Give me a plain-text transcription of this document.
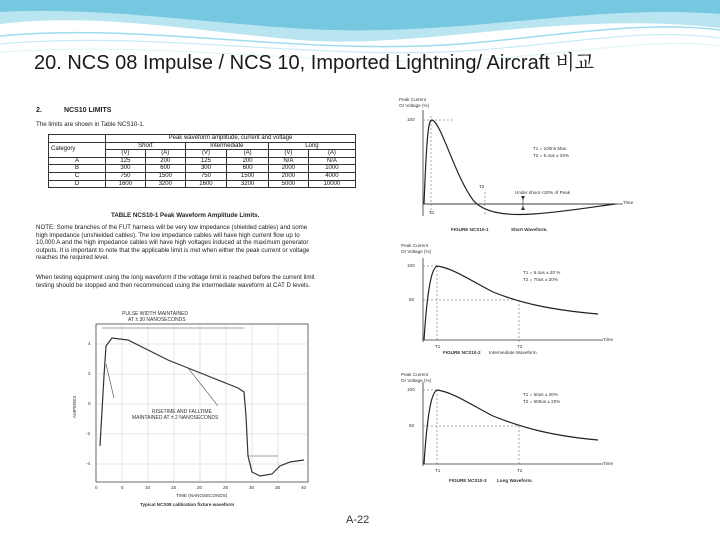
20. NCS 08 Impulse / NCS 10, Imported Lightning/ Aircraft 비교
2.	NCS10 LIMITS
The limits are shown in Table NCS10-1.
	Peak waveform amplitude, current and voltage					
Category	Short		Intermediate		Long	
	(V)	(A)	(V)	(A)	(V)	(A)
A	125	200	125	200	N/A	N/A
B	300	600	300	600	2000	1000
C	750	1500	750	1500	2000	4000
D	1600	3200	1600	3200	5000	10000
TABLE NCS10-1 Peak Waveform Amplitude Limits.
NOTE: Some branches of the FUT harness will be very low impedance (shielded cables) and some
high impedance (unshielded cables). The low impedance cables will have high current flow up to
10,000 A and the high impedance cables will have high voltages induced at the maximum generator
outputs. It is important to note that the applicable limit is met when either the peak current or voltage
reaches the required level.
When testing equipment using the long waveform if the voltage limit is reached before the current limit
testing should be stopped and then recommenced using the intermediate waveform at CAT D levels.
PULSE WIDTH MAINTAINED
AT ± 30 NANOSECONDS
RISETIME AND FALLTIME
MAINTAINED AT ± 2 NANOSECONDS
AMPERES
4
2
0
-2
-4
0	5	10	15	20	25	30	35	40
TIME (NANOSECONDS)
Typical NCS08 calibration fixture waveform
Peak Current
Or Voltage (%)
100
T1 = 100ns Max.
T2 = 6.4us ± 20%
T2
T1
Under shoot <20% of Peak
Time
FIGURE NCS10-1	Short Waveform.
Peak Current
Or Voltage (%)
100
50
T1 = 6.4us ± 20 %
T2 = 70us ± 20%
T1	T2
Time
FIGURE NCS10-2 Intermediate Waveform.
Peak Current
Or Voltage (%)
100
50
T1 = 50us ± 20%
T2 = 500us ± 20%
T1	T2
Time
FIGURE NCS10-3 Long Waveform.
A-22
